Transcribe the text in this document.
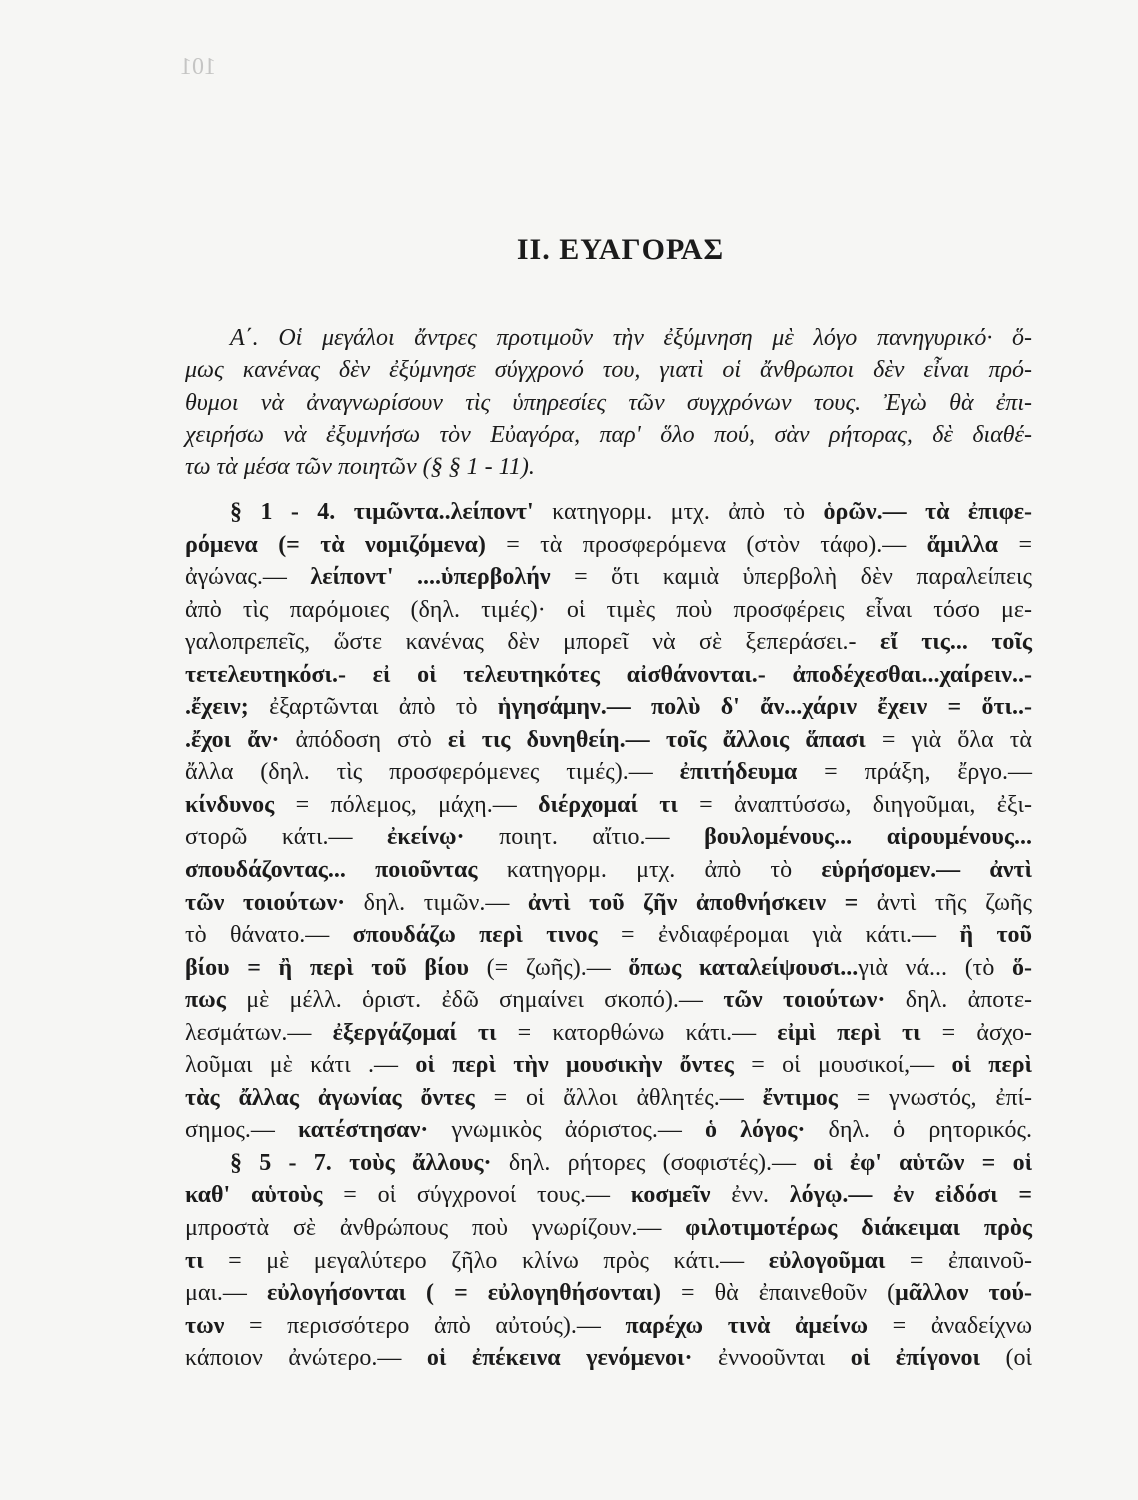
101
II. ΕΥΑΓΟΡΑΣ
Α΄. Οἱ μεγάλοι ἄντρες προτιμοῦν τὴν ἐξύμνηση μὲ λόγο πανηγυρικό· ὅ-
μως κανένας δὲν ἐξύμνησε σύγχρονό του, γιατὶ οἱ ἄνθρωποι δὲν εἶναι πρό-
θυμοι νὰ ἀναγνωρίσουν τὶς ὑπηρεσίες τῶν συγχρόνων τους. Ἐγὼ θὰ ἐπι-
χειρήσω νὰ ἐξυμνήσω τὸν Εὐαγόρα, παρ' ὅλο πού, σὰν ρήτορας, δὲ διαθέ-
τω τὰ μέσα τῶν ποιητῶν (§ § 1 - 11).
§ 1 - 4. τιμῶντα..λείποντ' κατηγορμ. μτχ. ἀπὸ τὸ ὁρῶν.— τὰ ἐπιφε-
ρόμενα (= τὰ νομιζόμενα) = τὰ προσφερόμενα (στὸν τάφο).— ἅμιλλα =
ἀγώνας.— λείποντ' ....ὑπερβολήν = ὅτι καμιὰ ὑπερβολὴ δὲν παραλείπεις
ἀπὸ τὶς παρόμοιες (δηλ. τιμές)· οἱ τιμὲς ποὺ προσφέρεις εἶναι τόσο με-
γαλοπρεπεῖς, ὥστε κανένας δὲν μπορεῖ νὰ σὲ ξεπεράσει.- εἴ τις... τοῖς
τετελευτηκόσι.- εἰ οἱ τελευτηκότες αἰσθάνονται.- ἀποδέχεσθαι...χαίρειν..-
.ἔχειν; ἐξαρτῶνται ἀπὸ τὸ ἡγησάμην.— πολὺ δ' ἄν...χάριν ἔχειν = ὅτι..-
.ἔχοι ἄν· ἀπόδοση στὸ εἰ τις δυνηθείη.— τοῖς ἄλλοις ἅπασι = γιὰ ὅλα τὰ
ἄλλα (δηλ. τὶς προσφερόμενες τιμές).— ἐπιτήδευμα = πράξη, ἔργο.—
κίνδυνος = πόλεμος, μάχη.— διέρχομαί τι = ἀναπτύσσω, διηγοῦμαι, ἐξι-
στορῶ κάτι.— ἐκείνῳ· ποιητ. αἴτιο.— βουλομένους... αἱρουμένους...
σπουδάζοντας... ποιοῦντας κατηγορμ. μτχ. ἀπὸ τὸ εὑρήσομεν.— ἀντὶ
τῶν τοιούτων· δηλ. τιμῶν.— ἀντὶ τοῦ ζῆν ἀποθνήσκειν = ἀντὶ τῆς ζωῆς
τὸ θάνατο.— σπουδάζω περὶ τινος = ἐνδιαφέρομαι γιὰ κάτι.— ἢ τοῦ
βίου = ἢ περὶ τοῦ βίου (= ζωῆς).— ὅπως καταλείψουσι...γιὰ νά... (τὸ ὅ-
πως μὲ μέλλ. ὁριστ. ἐδῶ σημαίνει σκοπό).— τῶν τοιούτων· δηλ. ἀποτε-
λεσμάτων.— ἐξεργάζομαί τι = κατορθώνω κάτι.— εἰμὶ περὶ τι = ἀσχο-
λοῦμαι μὲ κάτι .— οἱ περὶ τὴν μουσικὴν ὄντες = οἱ μουσικοί,— οἱ περὶ
τὰς ἄλλας ἀγωνίας ὄντες = οἱ ἄλλοι ἀθλητές.— ἔντιμος = γνωστός, ἐπί-
σημος.— κατέστησαν· γνωμικὸς ἀόριστος.— ὁ λόγος· δηλ. ὁ ρητορικός.
§ 5 - 7. τοὺς ἄλλους· δηλ. ρήτορες (σοφιστές).— οἱ ἐφ' αὑτῶν = οἱ
καθ' αὑτοὺς = οἱ σύγχρονοί τους.— κοσμεῖν ἐνν. λόγῳ.— ἐν εἰδόσι =
μπροστὰ σὲ ἀνθρώπους ποὺ γνωρίζουν.— φιλοτιμοτέρως διάκειμαι πρὸς
τι = μὲ μεγαλύτερο ζῆλο κλίνω πρὸς κάτι.— εὐλογοῦμαι = ἐπαινοῦ-
μαι.— εὐλογήσονται ( = εὐλογηθήσονται) = θὰ ἐπαινεθοῦν (μᾶλλον τού-
των = περισσότερο ἀπὸ αὐτούς).— παρέχω τινὰ ἀμείνω = ἀναδείχνω
κάποιον ἀνώτερο.— οἱ ἐπέκεινα γενόμενοι· ἐννοοῦνται οἱ ἐπίγονοι (οἱ
